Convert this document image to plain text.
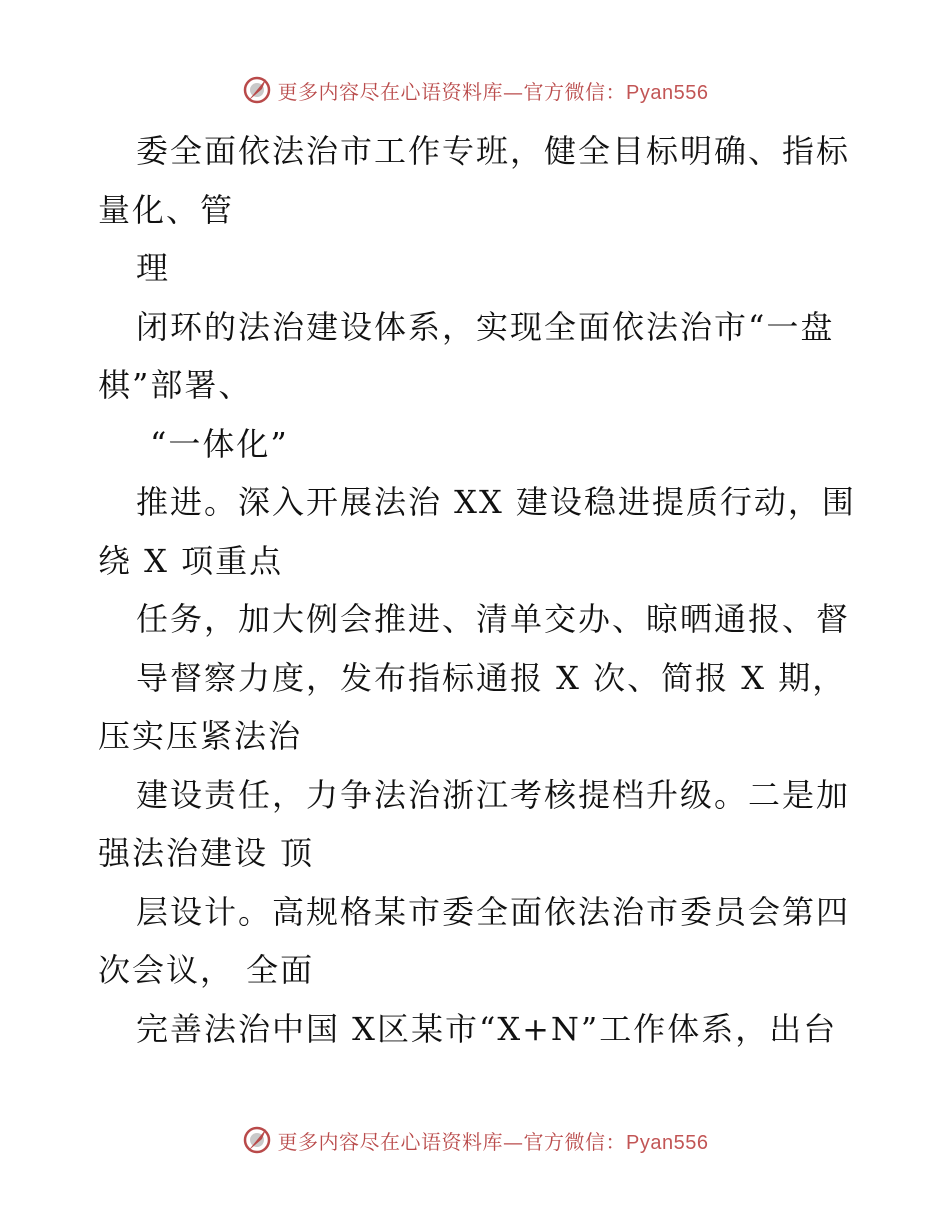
更多内容尽在心语资料库—官方微信：Pyan556
委全面依法治市工作专班，健全目标明确、指标
量化、管
理
闭环的法治建设体系，实现全面依法治市“一盘
棋”部署、
“一体化”
推进。深入开展法治 XX 建设稳进提质行动，围
绕 X 项重点
任务，加大例会推进、清单交办、晾晒通报、督
导督察力度，发布指标通报 X 次、简报 X 期，
压实压紧法治
建设责任，力争法治浙江考核提档升级。二是加
强法治建设 顶
层设计。高规格某市委全面依法治市委员会第四
次会议， 全面
完善法治中国 X区某市“X+N”工作体系，出台
更多内容尽在心语资料库—官方微信：Pyan556
